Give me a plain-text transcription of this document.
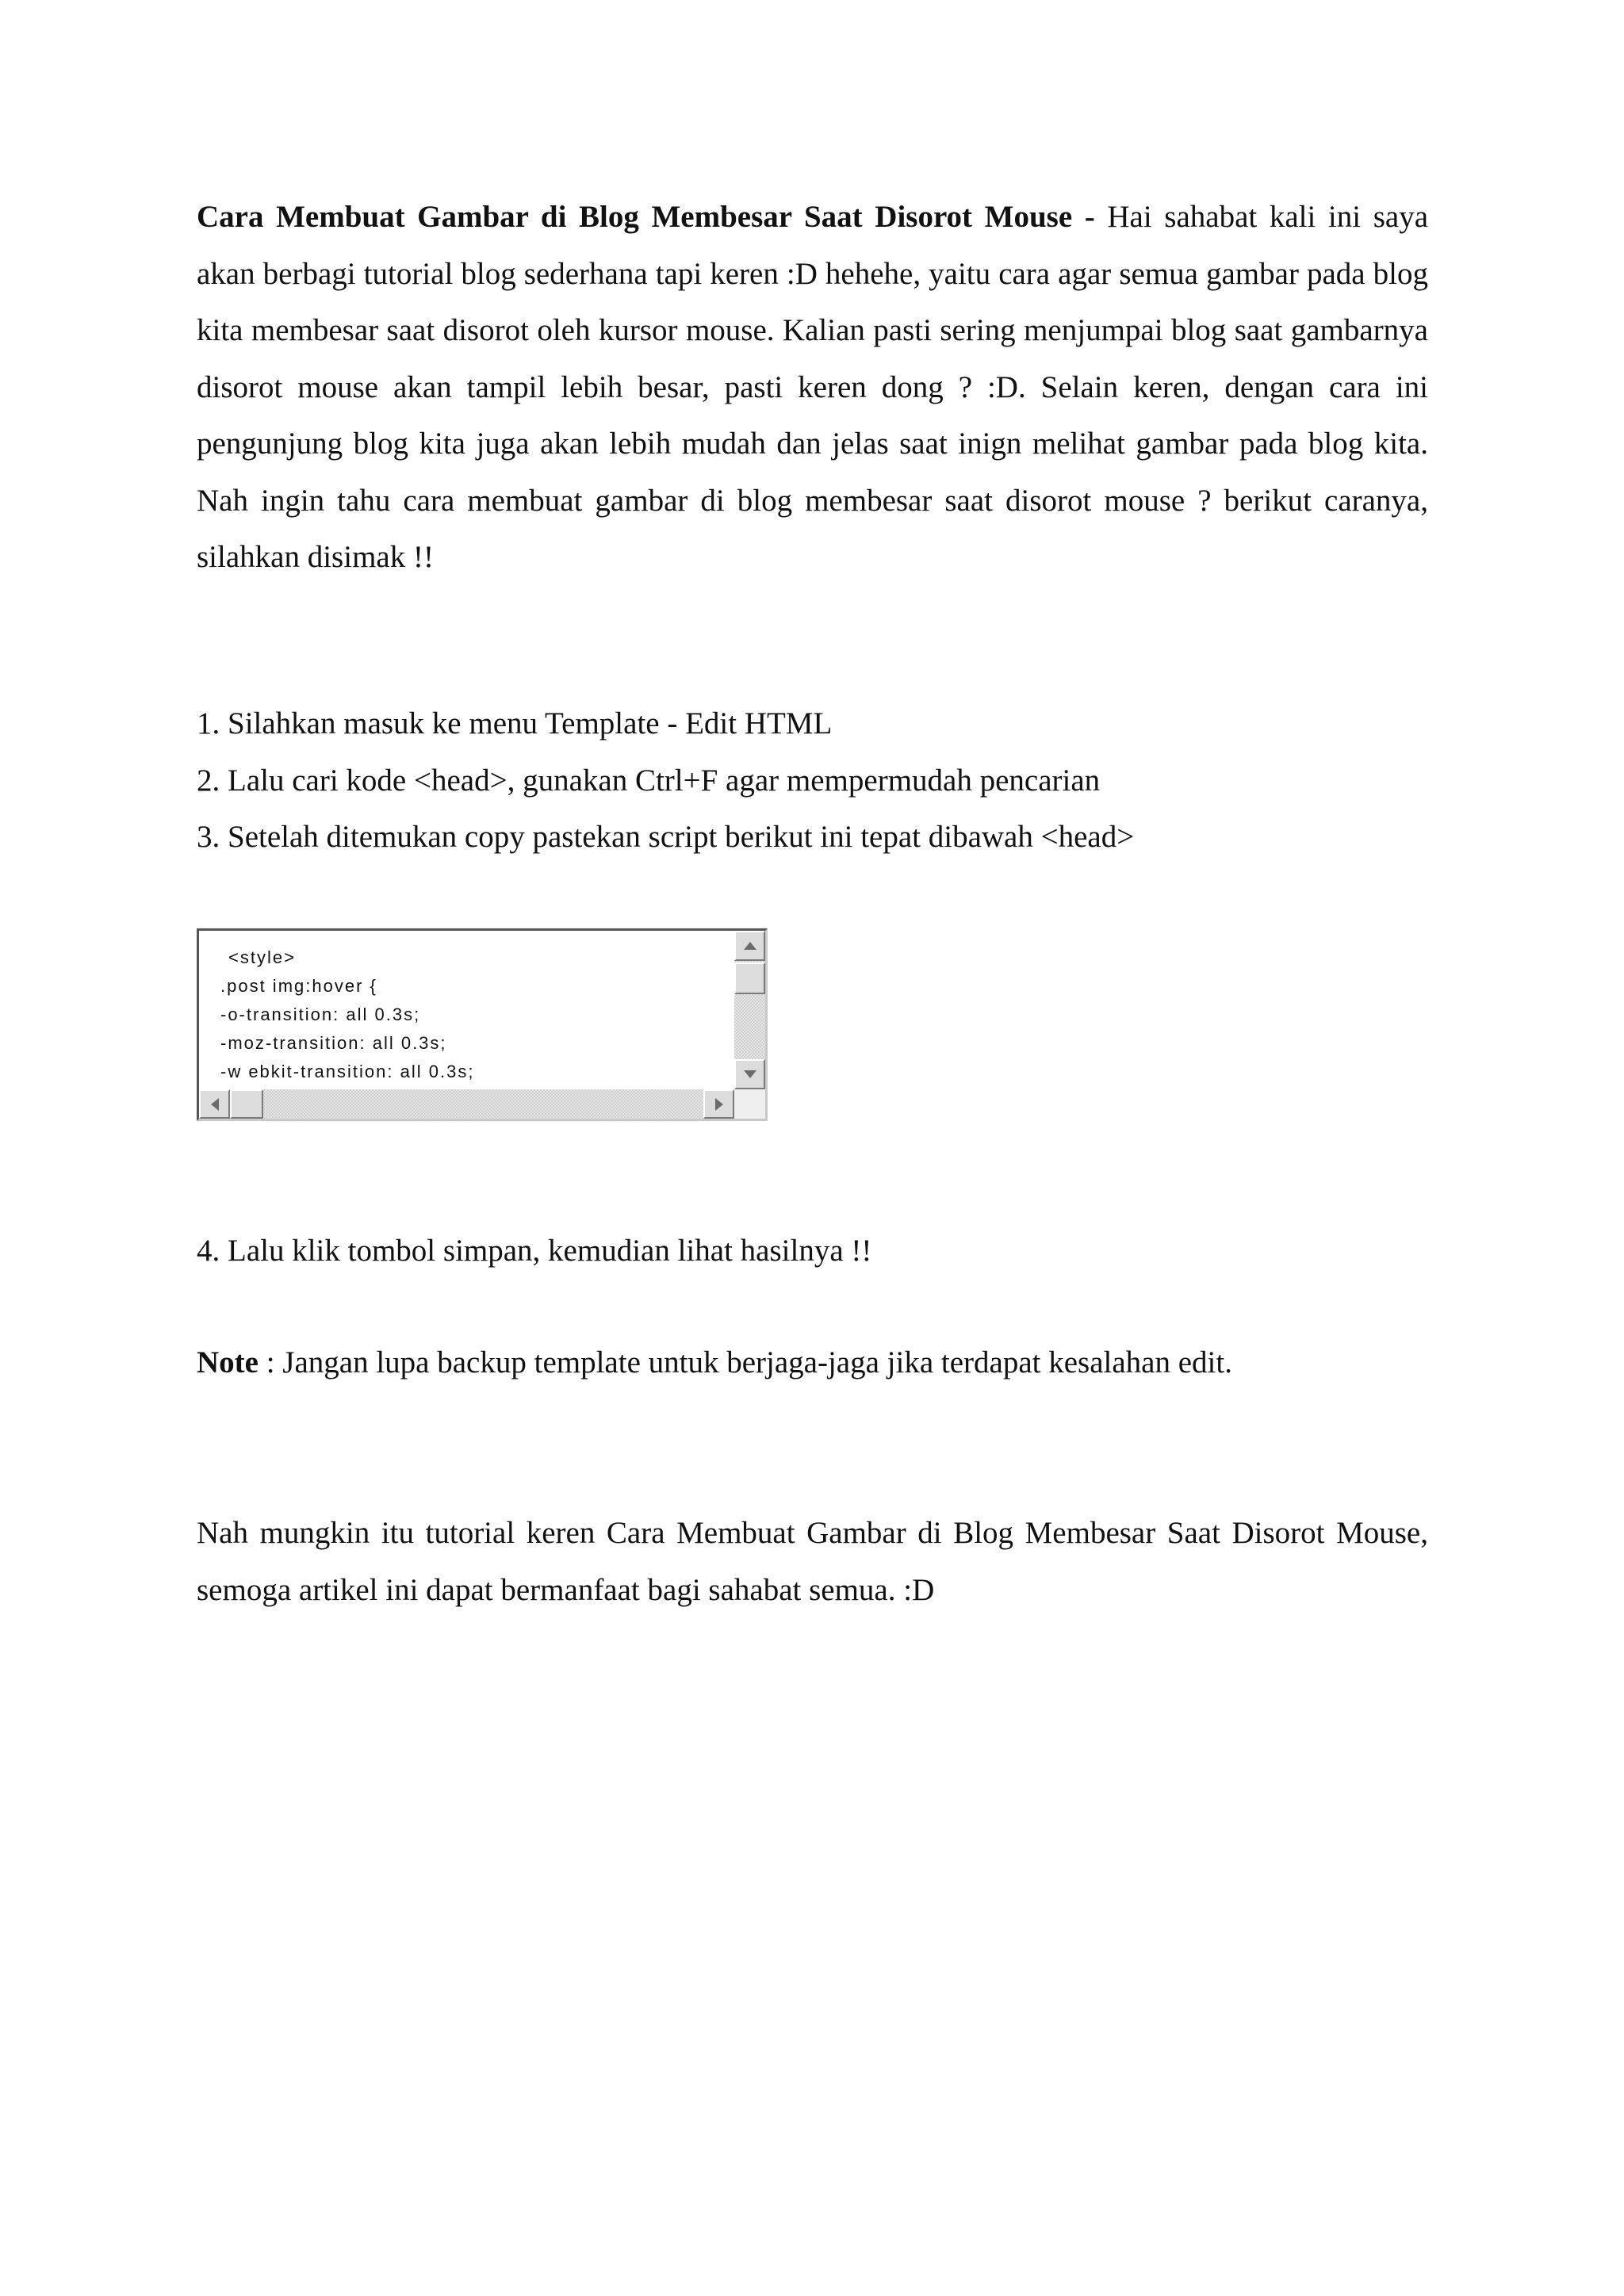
Cara Membuat Gambar di Blog Membesar Saat Disorot Mouse - Hai sahabat kali ini saya akan berbagi tutorial blog sederhana tapi keren :D hehehe, yaitu cara agar semua gambar pada blog kita membesar saat disorot oleh kursor mouse. Kalian pasti sering menjumpai blog saat gambarnya disorot mouse akan tampil lebih besar, pasti keren dong ? :D. Selain keren, dengan cara ini pengunjung blog kita juga akan lebih mudah dan jelas saat inign melihat gambar pada blog kita. Nah ingin tahu cara membuat gambar di blog membesar saat disorot mouse ? berikut caranya, silahkan disimak !!

1. Silahkan masuk ke menu Template - Edit HTML
2. Lalu cari kode <head>, gunakan Ctrl+F agar mempermudah pencarian
3. Setelah ditemukan copy pastekan script berikut ini tepat dibawah <head>
<style>
.post img:hover {
-o-transition: all 0.3s;
-moz-transition: all 0.3s;
-w ebkit-transition: all 0.3s;

4. Lalu klik tombol simpan, kemudian lihat hasilnya !!

Note : Jangan lupa backup template untuk berjaga-jaga jika terdapat kesalahan edit.

Nah mungkin itu tutorial keren Cara Membuat Gambar di Blog Membesar Saat Disorot Mouse, semoga artikel ini dapat bermanfaat bagi sahabat semua. :D
